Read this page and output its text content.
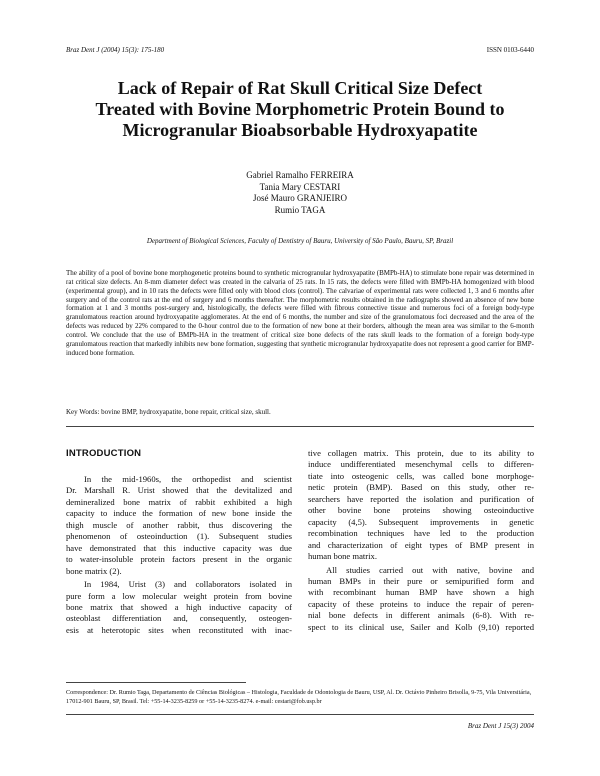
Braz Dent J (2004) 15(3): 175-180	ISSN 0103-6440
Lack of Repair of Rat Skull Critical Size Defect
Treated with Bovine Morphometric Protein Bound to
Microgranular Bioabsorbable Hydroxyapatite
Gabriel Ramalho FERREIRA
Tania Mary CESTARI
José Mauro GRANJEIRO
Rumio TAGA
Department of Biological Sciences, Faculty of Dentistry of Bauru, University of São Paulo, Bauru, SP, Brazil
The ability of a pool of bovine bone morphogenetic proteins bound to synthetic microgranular hydroxyapatite (BMPb-HA) to stimulate bone repair was determined in rat critical size defects. An 8-mm diameter defect was created in the calvaria of 25 rats. In 15 rats, the defects were filled with BMPb-HA homogenized with blood (experimental group), and in 10 rats the defects were filled only with blood clots (control). The calvariae of experimental rats were collected 1, 3 and 6 months after surgery and of the control rats at the end of surgery and 6 months thereafter. The morphometric results obtained in the radiographs showed an absence of new bone formation at 1 and 3 months post-surgery and, histologically, the defects were filled with fibrous connective tissue and numerous foci of a foreign body-type granulomatous reaction around hydroxyapatite agglomerates. At the end of 6 months, the number and size of the granulomatous foci decreased and the area of the defects was reduced by 22% compared to the 0-hour control due to the formation of new bone at their borders, although the mean area was similar to the 6-month control. We conclude that the use of BMPb-HA in the treatment of critical size bone defects of the rats skull leads to the formation of a foreign body-type granulomatous reaction that markedly inhibits new bone formation, suggesting that synthetic microgranular hydroxyapatite does not represent a good carrier for BMP-induced bone formation.
Key Words: bovine BMP, hydroxyapatite, bone repair, critical size, skull.
INTRODUCTION
In the mid-1960s, the orthopedist and scientist
Dr. Marshall R. Urist showed that the devitalized and
demineralized bone matrix of rabbit exhibited a high
capacity to induce the formation of new bone inside the
thigh muscle of another rabbit, thus discovering the
phenomenon of osteoinduction (1). Subsequent studies
have demonstrated that this inductive capacity was due
to water-insoluble protein factors present in the organic
bone matrix (2).
In 1984, Urist (3) and collaborators isolated in
pure form a low molecular weight protein from bovine
bone matrix that showed a high inductive capacity of
osteoblast differentiation and, consequently, osteogen-
esis at heterotopic sites when reconstituted with inac-
tive collagen matrix. This protein, due to its ability to
induce undifferentiated mesenchymal cells to differen-
tiate into osteogenic cells, was called bone morphoge-
netic protein (BMP). Based on this study, other re-
searchers have reported the isolation and purification of
other bovine bone proteins showing osteoinductive
capacity (4,5). Subsequent improvements in genetic
recombination techniques have led to the production
and characterization of eight types of BMP present in
human bone matrix.
All studies carried out with native, bovine and
human BMPs in their pure or semipurified form and
with recombinant human BMP have shown a high
capacity of these proteins to induce the repair of peren-
nial bone defects in different animals (6-8). With re-
spect to its clinical use, Sailer and Kolb (9,10) reported
Correspondence: Dr. Rumio Taga, Departamento de Ciências Biológicas – Histologia, Faculdade de Odontologia de Bauru, USP, Al. Dr. Octávio Pinheiro Brisolla, 9-75, Vila Universitária, 17012-901 Bauru, SP, Brasil. Tel: +55-14-3235-8259 or +55-14-3235-8274. e-mail: cestari@fob.usp.br
Braz Dent J 15(3) 2004
